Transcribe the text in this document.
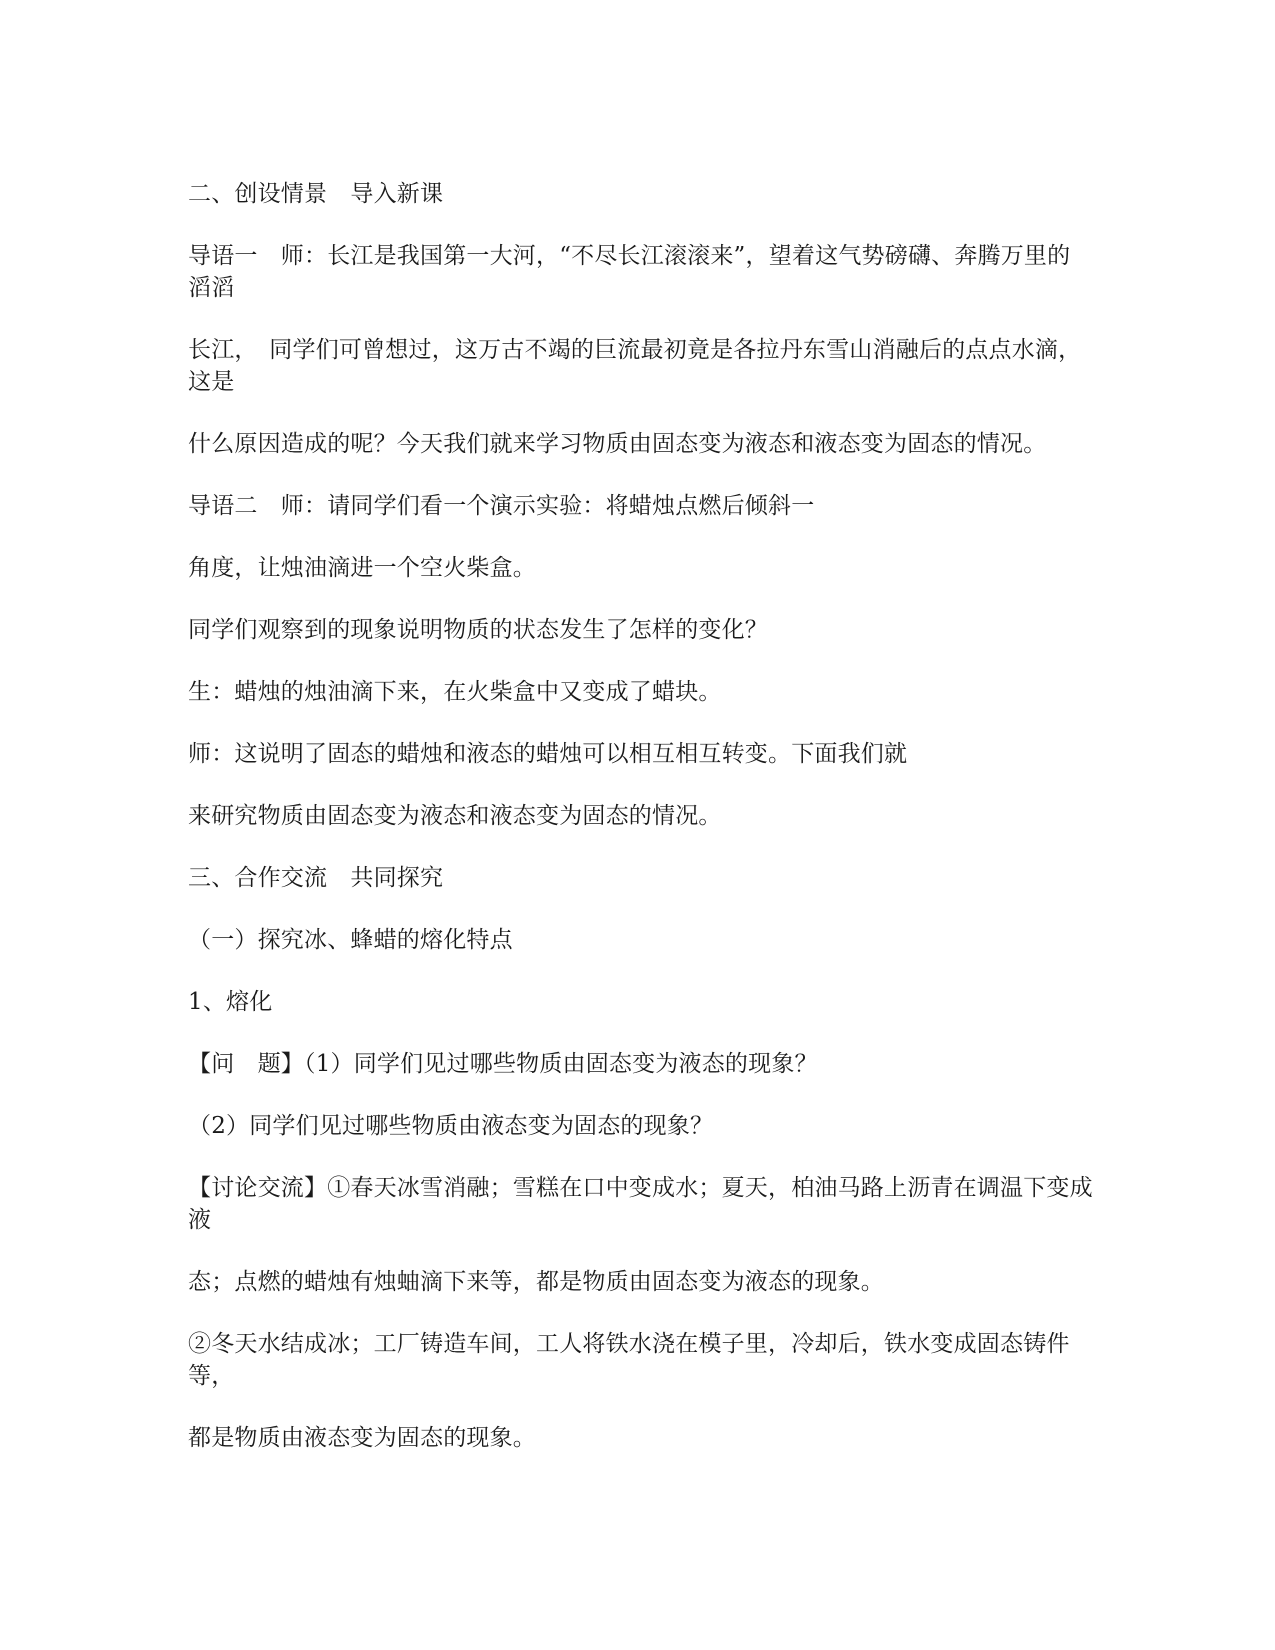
二、创设情景　导入新课

导语一　师：长江是我国第一大河，“不尽长江滚滚来”，望着这气势磅礴、奔腾万里的滔滔

长江，　同学们可曾想过，这万古不竭的巨流最初竟是各拉丹东雪山消融后的点点水滴，这是

什么原因造成的呢？今天我们就来学习物质由固态变为液态和液态变为固态的情况。

导语二　师：请同学们看一个演示实验：将蜡烛点燃后倾斜一

角度，让烛油滴进一个空火柴盒。

同学们观察到的现象说明物质的状态发生了怎样的变化？

生：蜡烛的烛油滴下来，在火柴盒中又变成了蜡块。

师：这说明了固态的蜡烛和液态的蜡烛可以相互相互转变。下面我们就

来研究物质由固态变为液态和液态变为固态的情况。

三、合作交流　共同探究

（一）探究冰、蜂蜡的熔化特点

1、熔化

【问　题】（1）同学们见过哪些物质由固态变为液态的现象？

（2）同学们见过哪些物质由液态变为固态的现象？

【讨论交流】①春天冰雪消融；雪糕在口中变成水；夏天，柏油马路上沥青在调温下变成液

态；点燃的蜡烛有烛蚰滴下来等，都是物质由固态变为液态的现象。

②冬天水结成冰；工厂铸造车间，工人将铁水浇在模子里，冷却后，铁水变成固态铸件等，

都是物质由液态变为固态的现象。
